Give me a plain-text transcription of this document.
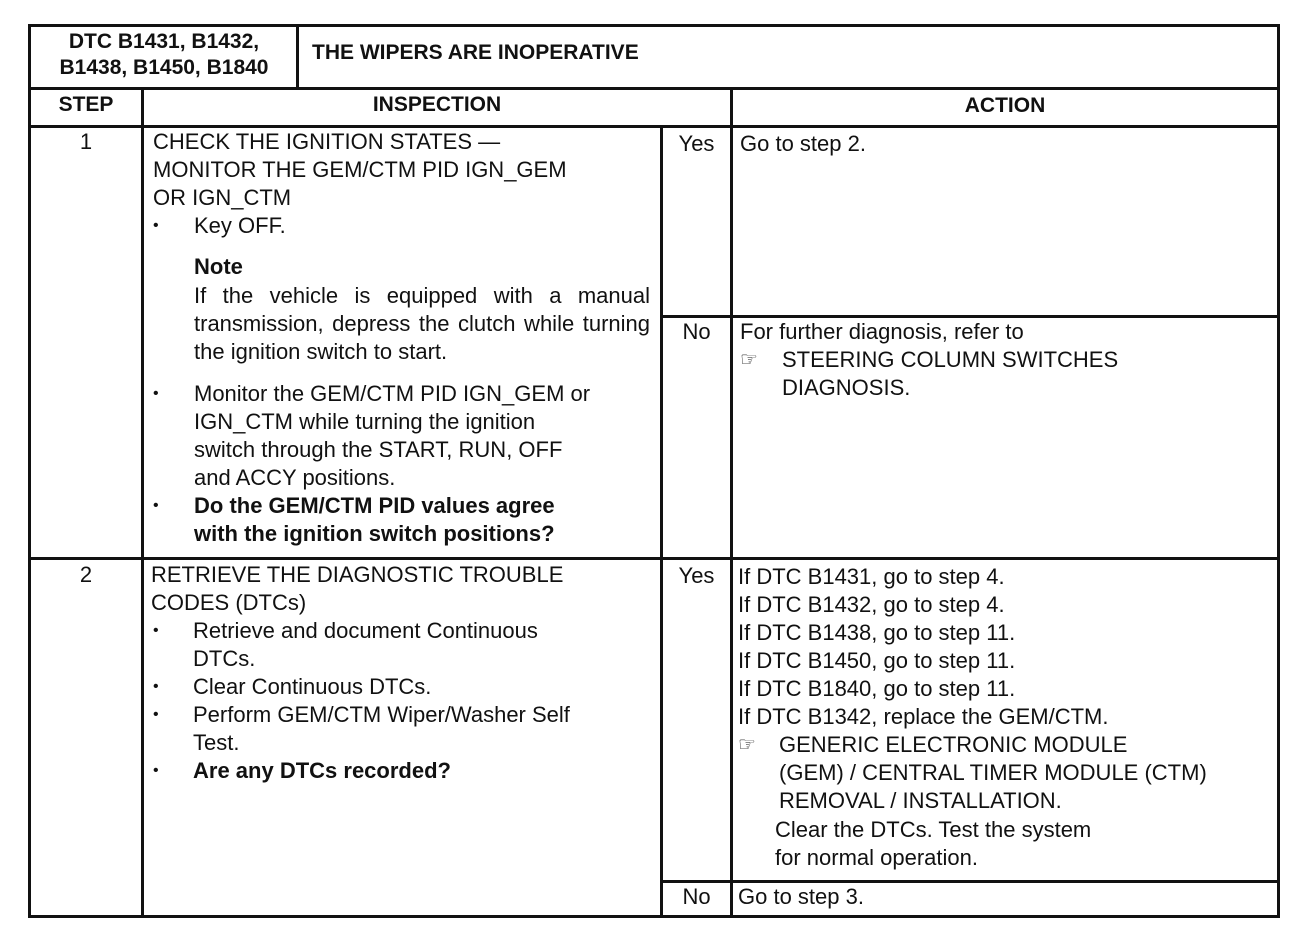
DTC B1431, B1432,
B1438, B1450, B1840
THE WIPERS ARE INOPERATIVE
STEP	INSPECTION	ACTION
1	CHECK THE IGNITION STATES —
MONITOR THE GEM/CTM PID IGN_GEM
OR IGN_CTM
• Key OFF.
Note
If the vehicle is equipped with a manual transmission, depress the clutch while turning the ignition switch to start.
• Monitor the GEM/CTM PID IGN_GEM or
IGN_CTM while turning the ignition
switch through the START, RUN, OFF
and ACCY positions.
• Do the GEM/CTM PID values agree
with the ignition switch positions?
Yes	Go to step 2.
No	For further diagnosis, refer to
☞ STEERING COLUMN SWITCHES
DIAGNOSIS.
2	RETRIEVE THE DIAGNOSTIC TROUBLE
CODES (DTCs)
• Retrieve and document Continuous
DTCs.
• Clear Continuous DTCs.
• Perform GEM/CTM Wiper/Washer Self
Test.
• Are any DTCs recorded?
Yes	If DTC B1431, go to step 4.
If DTC B1432, go to step 4.
If DTC B1438, go to step 11.
If DTC B1450, go to step 11.
If DTC B1840, go to step 11.
If DTC B1342, replace the GEM/CTM.
☞ GENERIC ELECTRONIC MODULE
(GEM) / CENTRAL TIMER MODULE (CTM)
REMOVAL / INSTALLATION.
Clear the DTCs. Test the system
for normal operation.
No	Go to step 3.
